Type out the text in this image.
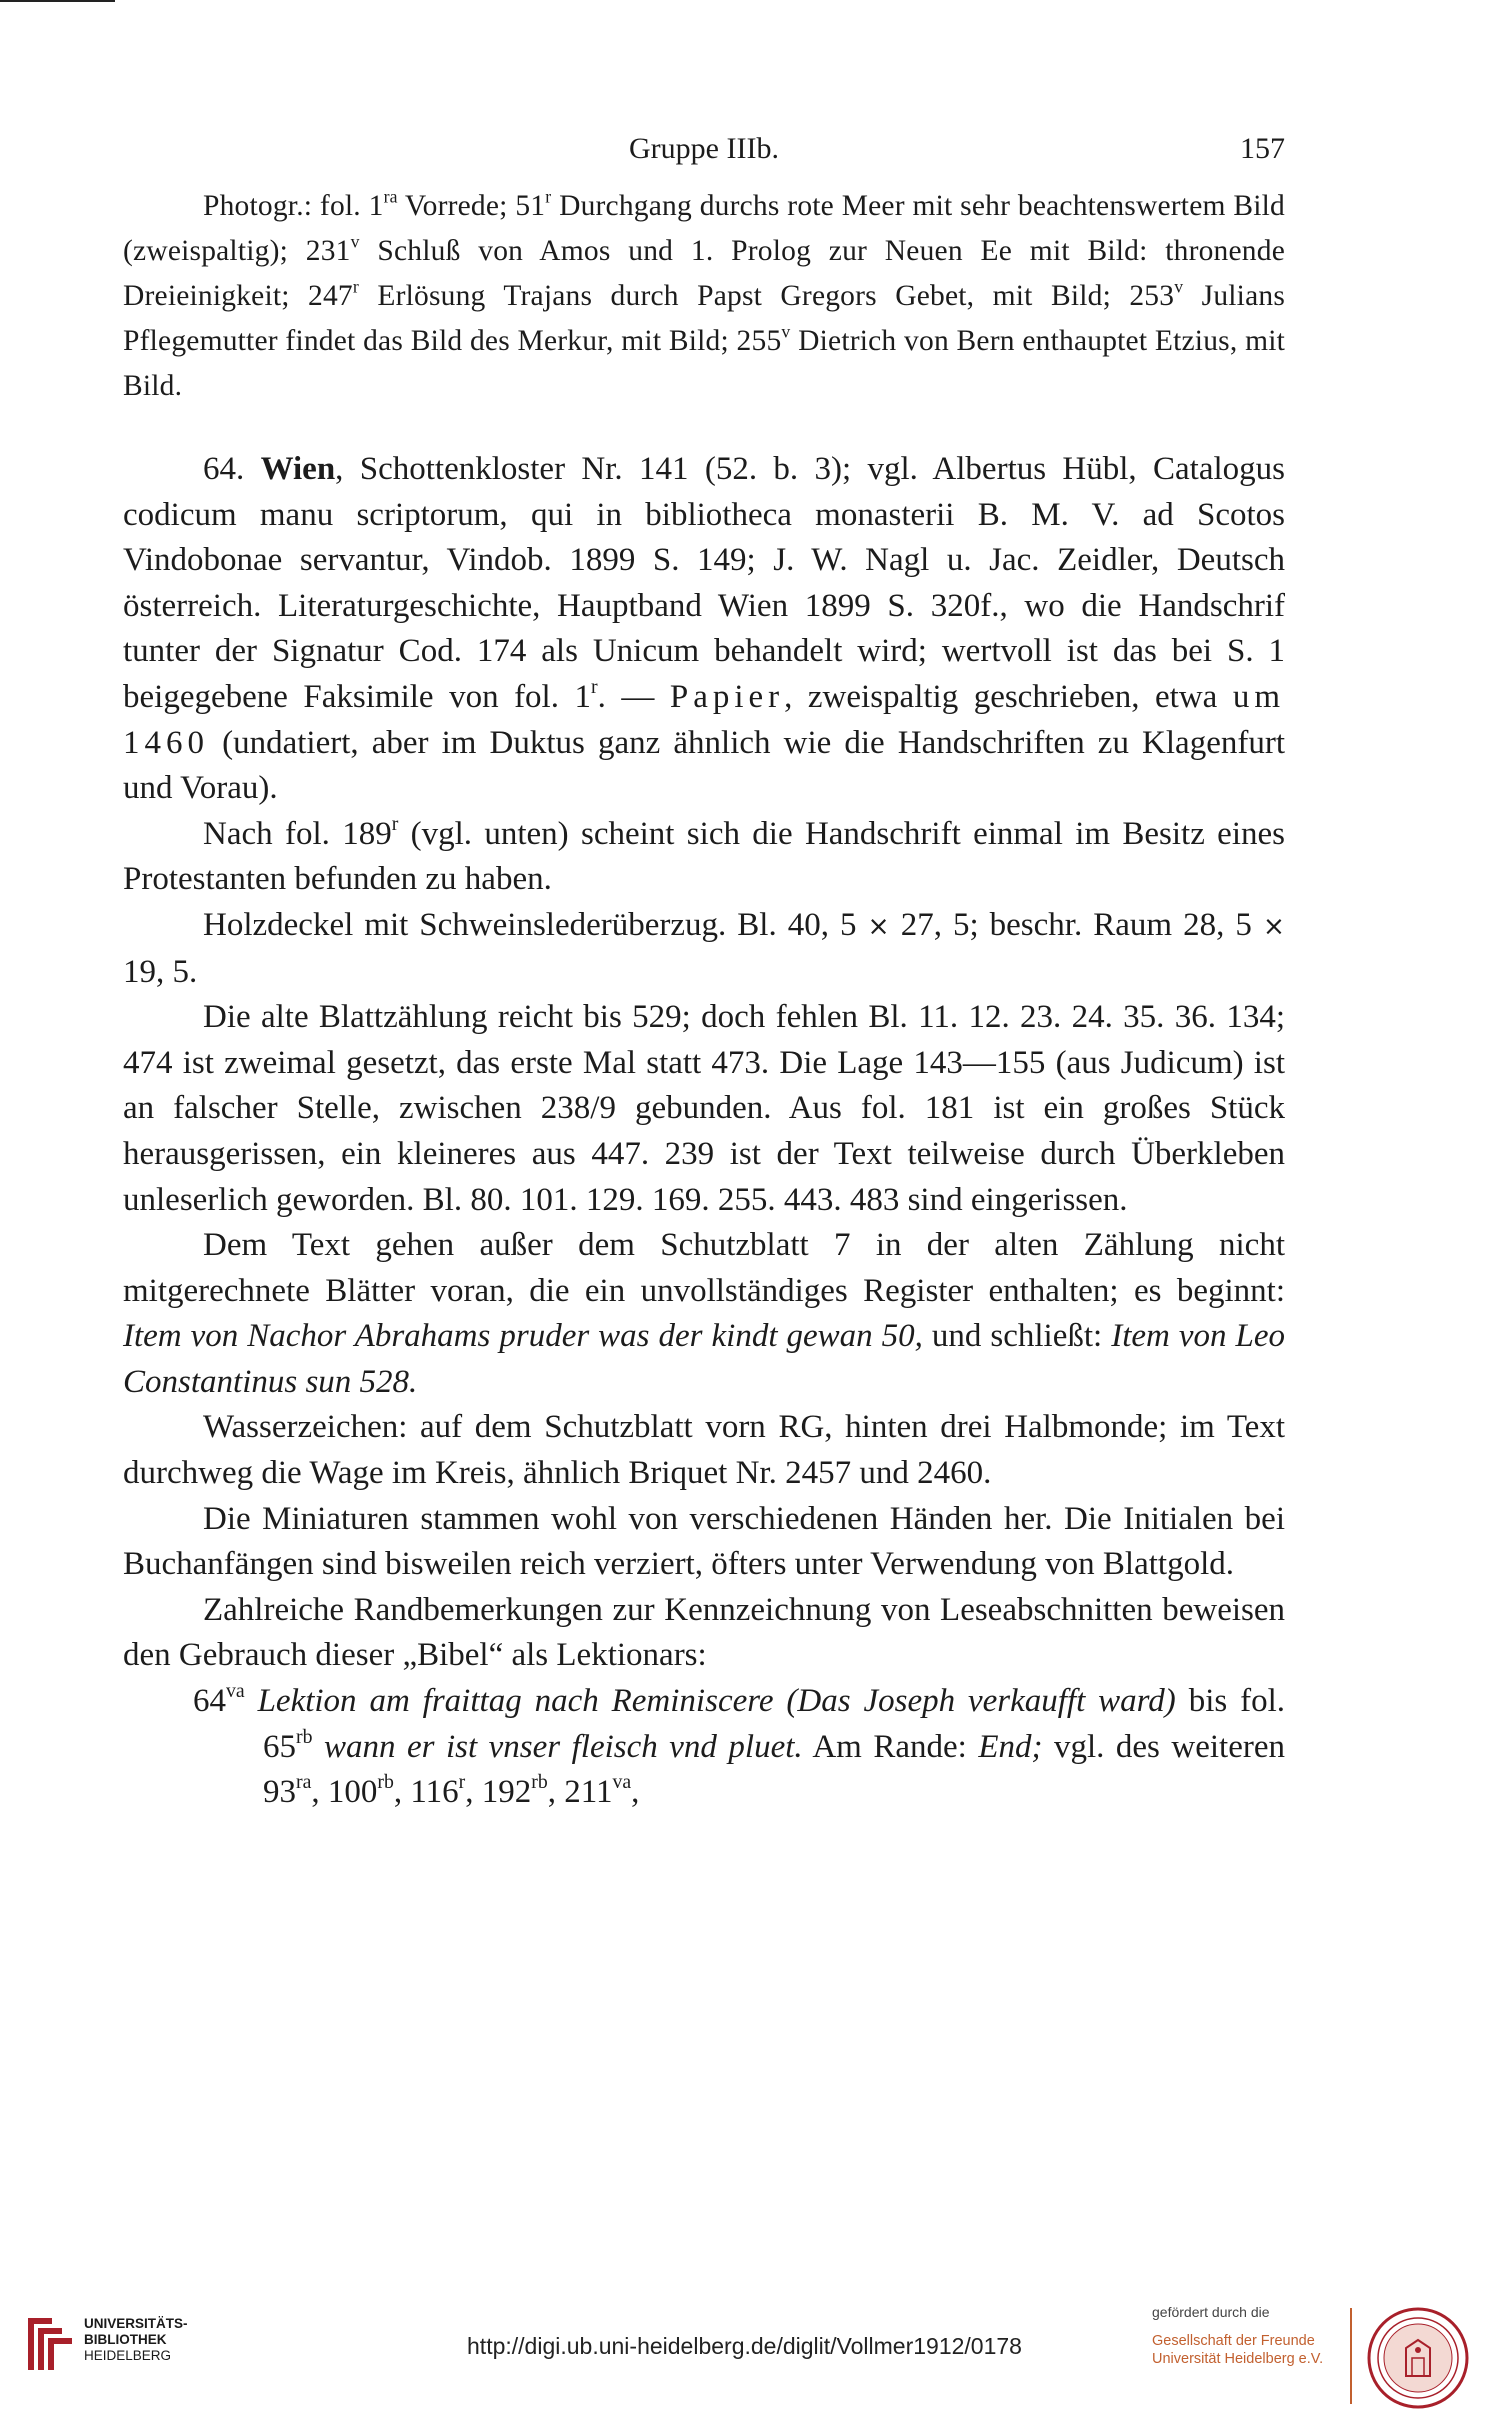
Gruppe IIIb.	157

Photogr.: fol. $1^{ra}$ Vorrede; 51$^r$ Durchgang durchs rote Meer mit sehr beachtenswertem Bild (zweispaltig); 231$^v$ Schluß von Amos und 1. Prolog zur Neuen Ee mit Bild: thronende Dreieinigkeit; 247$^r$ Erlösung Trajans durch Papst Gregors Gebet, mit Bild; 253$^v$ Julians Pflegemutter findet das Bild des Merkur, mit Bild; 255$^v$ Dietrich von Bern enthauptet Etzius, mit Bild.

64. Wien, Schottenkloster Nr. 141 (52. b. 3); vgl. Albertus Hübl, Catalogus codicum manu scriptorum, qui in bibliotheca monasterii B. M. V. ad Scotos Vindobonae servantur, Vindob. 1899 S. 149; J. W. Nagl u. Jac. Zeidler, Deutsch österreich. Literaturgeschichte, Hauptband Wien 1899 S. 320f., wo die Handschrif tunter der Signatur Cod. 174 als Unicum behandelt wird; wertvoll ist das bei S. 1 beigegebene Faksimile von fol. 1$^r$. — Papier, zweispaltig geschrieben, etwa um 1460 (undatiert, aber im Duktus ganz ähnlich wie die Handschriften zu Klagenfurt und Vorau).

Nach fol. 189$^r$ (vgl. unten) scheint sich die Handschrift einmal im Besitz eines Protestanten befunden zu haben.

Holzdeckel mit Schweinslederüberzug. Bl. 40, 5 × 27, 5; beschr. Raum 28, 5 × 19, 5.

Die alte Blattzählung reicht bis 529; doch fehlen Bl. 11. 12. 23. 24. 35. 36. 134; 474 ist zweimal gesetzt, das erste Mal statt 473. Die Lage 143—155 (aus Judicum) ist an falscher Stelle, zwischen 238/9 gebunden. Aus fol. 181 ist ein großes Stück herausgerissen, ein kleineres aus 447. 239 ist der Text teilweise durch Überkleben unleserlich geworden. Bl. 80. 101. 129. 169. 255. 443. 483 sind eingerissen.

Dem Text gehen außer dem Schutzblatt 7 in der alten Zählung nicht mitgerechnete Blätter voran, die ein unvollständiges Register enthalten; es beginnt: Item von Nachor Abrahams pruder was der kindt gewan 50, und schließt: Item von Leo Constantinus sun 528.

Wasserzeichen: auf dem Schutzblatt vorn RG, hinten drei Halbmonde; im Text durchweg die Wage im Kreis, ähnlich Briquet Nr. 2457 und 2460.

Die Miniaturen stammen wohl von verschiedenen Händen her. Die Initialen bei Buchanfängen sind bisweilen reich verziert, öfters unter Verwendung von Blattgold.

Zahlreiche Randbemerkungen zur Kennzeichnung von Leseabschnitten beweisen den Gebrauch dieser „Bibel“ als Lektionars:

$64^{va}$ Lektion am fraittag nach Reminiscere (Das Joseph verkaufft ward) bis fol. $65^{rb}$ wann er ist vnser fleisch vnd pluet. Am Rande: End; vgl. des weiteren $93^{ra}$, $100^{rb}$, 116$^r$, $192^{rb}$, $211^{va}$,

UNIVERSITÄTS-
BIBLIOTHEK
HEIDELBERG	http://digi.ub.uni-heidelberg.de/diglit/Vollmer1912/0178
gefördert durch die
Gesellschaft der Freunde
Universität Heidelberg e.V.
